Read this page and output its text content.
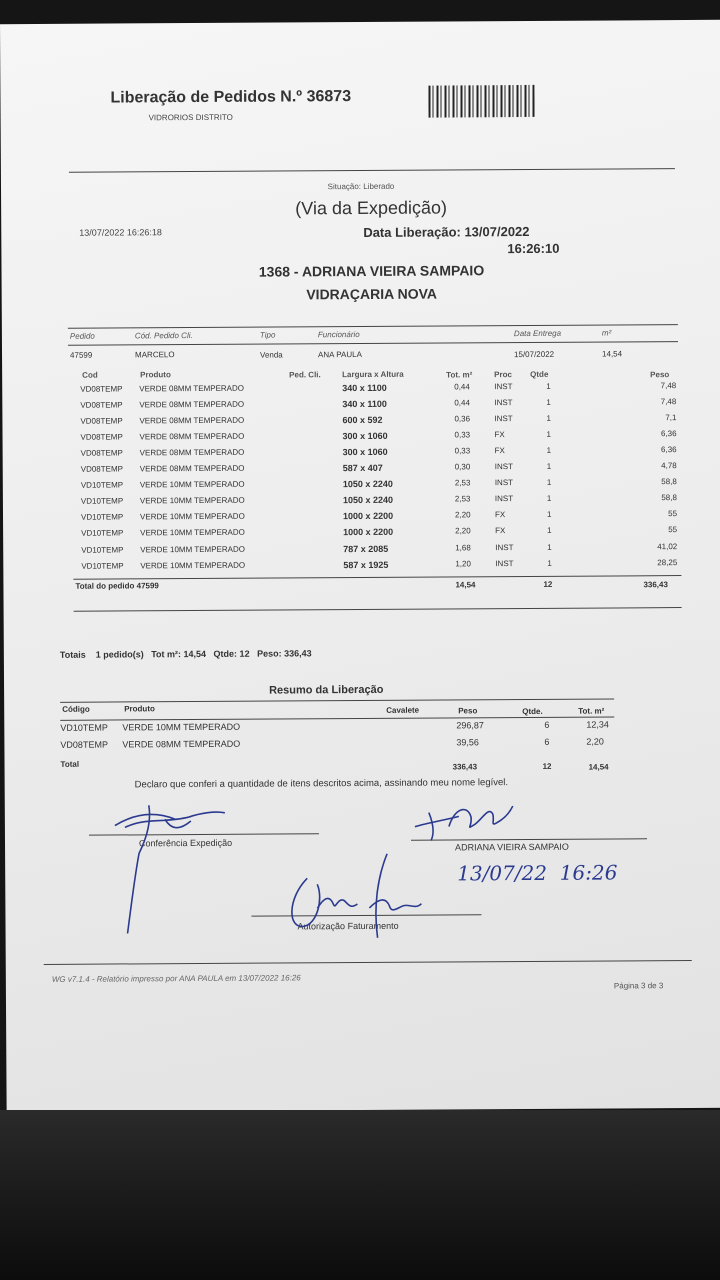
Liberação de Pedidos N.º 36873
VIDRORIOS DISTRITO
Situação: Liberado
(Via da Expedição)
13/07/2022 16:26:18	Data Liberação: 13/07/2022
16:26:10
1368 - ADRIANA VIEIRA SAMPAIO
VIDRAÇARIA NOVA
Pedido	Cód. Pedido Cli.	Tipo	Funcionário	Data Entrega	m²
47599	MARCELO	Venda	ANA PAULA	15/07/2022	14,54
Cod	Produto	Ped. Cli.	Largura x Altura	Tot. m²	Proc Qtde	Peso
VD08TEMP VERDE 08MM TEMPERADO	340 x 1100	0,44	INST	1	7,48
VD08TEMP VERDE 08MM TEMPERADO	340 x 1100	0,44	INST	1	7,48
VD08TEMP VERDE 08MM TEMPERADO	600 x 592	0,36	INST	1	7,1
VD08TEMP VERDE 08MM TEMPERADO	300 x 1060	0,33	FX	1	6,36
VD08TEMP VERDE 08MM TEMPERADO	300 x 1060	0,33	FX	1	6,36
VD08TEMP VERDE 08MM TEMPERADO	587 x 407	0,30	INST	1	4,78
VD10TEMP VERDE 10MM TEMPERADO	1050 x 2240	2,53	INST	1	58,8
VD10TEMP VERDE 10MM TEMPERADO	1050 x 2240	2,53	INST	1	58,8
VD10TEMP VERDE 10MM TEMPERADO	1000 x 2200	2,20	FX	1	55
VD10TEMP VERDE 10MM TEMPERADO	1000 x 2200	2,20	FX	1	55
VD10TEMP VERDE 10MM TEMPERADO	787 x 2085	1,68	INST	1	41,02
VD10TEMP VERDE 10MM TEMPERADO	587 x 1925	1,20	INST	1	28,25
Total do pedido 47599	14,54	12	336,43
Totais    1 pedido(s)   Tot m²: 14,54   Qtde: 12   Peso: 336,43
Resumo da Liberação
Código	Produto	Cavalete	Peso	Qtde.	Tot. m²
VD10TEMP VERDE 10MM TEMPERADO	296,87	6	12,34
VD08TEMP VERDE 08MM TEMPERADO	39,56	6	2,20
Total	336,43	12	14,54
Declaro que conferi a quantidade de itens descritos acima, assinando meu nome legível.
Conferência Expedição	ADRIANA VIEIRA SAMPAIO
13/07/22  16:26
Autorização Faturamento
WG v7.1.4 - Relatório impresso por ANA PAULA em 13/07/2022 16:26
Página 3 de 3
